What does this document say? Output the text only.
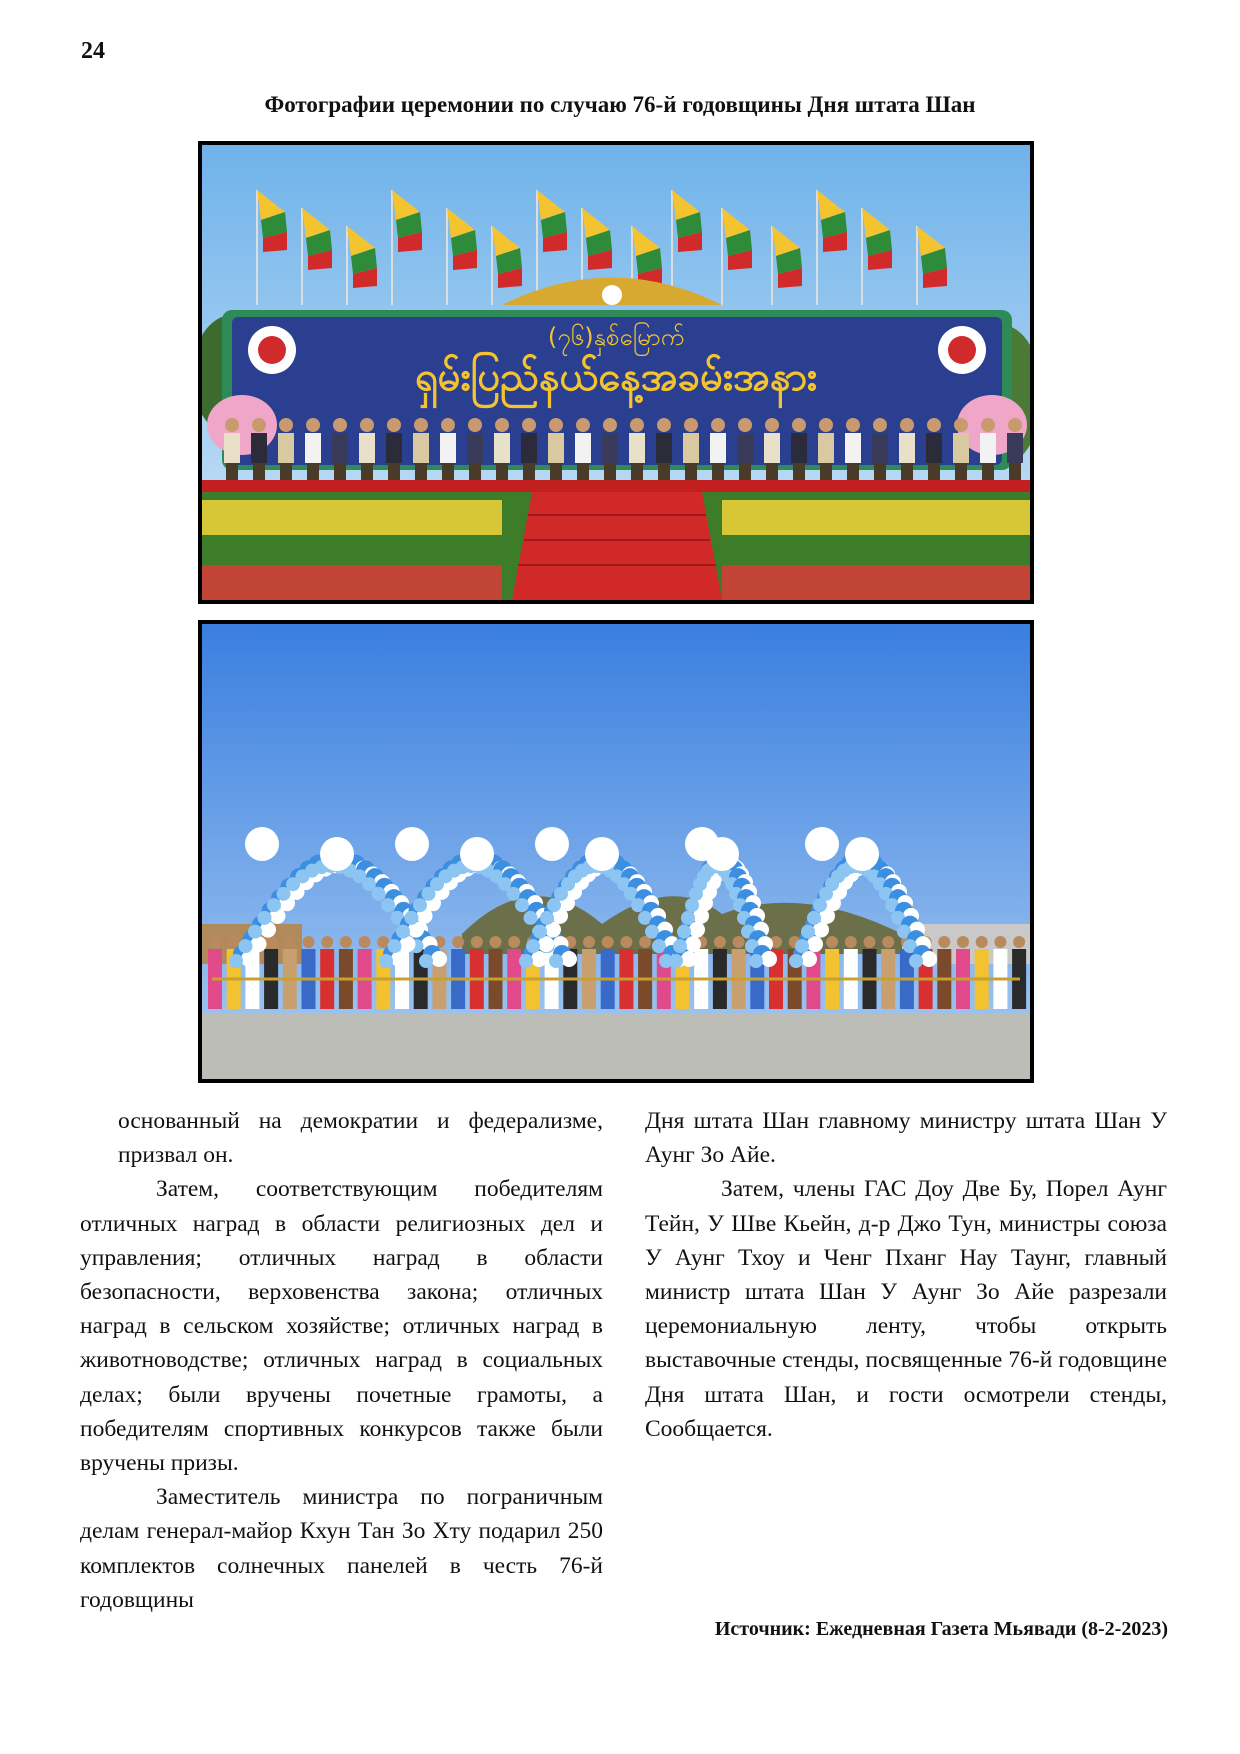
24
Фотографии церемонии по случаю 76-й годовщины Дня штата Шан
(၇၆)နှစ်မြောက်
ရှမ်းပြည်နယ်နေ့အခမ်းအနား

основанный на демократии и федерализме, призвал он.

Затем, соответствующим победителям отличных наград в области религиозных дел и управления; отличных наград в области безопасности, верховенства закона; отличных наград в сельском хозяйстве; отличных наград в животноводстве; отличных наград в социальных делах; были вручены почетные грамоты, а победителям спортивных конкурсов также были вручены призы.

Заместитель министра по пограничным делам генерал-майор Кхун Тан Зо Хту подарил 250 комплектов солнечных панелей в честь 76-й годовщины

Дня штата Шан главному министру штата Шан У Аунг Зо Айе.

Затем, члены ГАС Доу Две Бу, Порел Аунг Тейн, У Шве Кьейн, д-р Джо Тун, министры союза У Аунг Тхоу и Ченг Пханг Нау Таунг, главный министр штата Шан У Аунг Зо Айе разрезали церемониальную ленту, чтобы открыть выставочные стенды, посвященные 76-й годовщине Дня штата Шан, и гости осмотрели стенды, Сообщается.

Источник: Ежедневная Газета Мьявади (8-2-2023)
